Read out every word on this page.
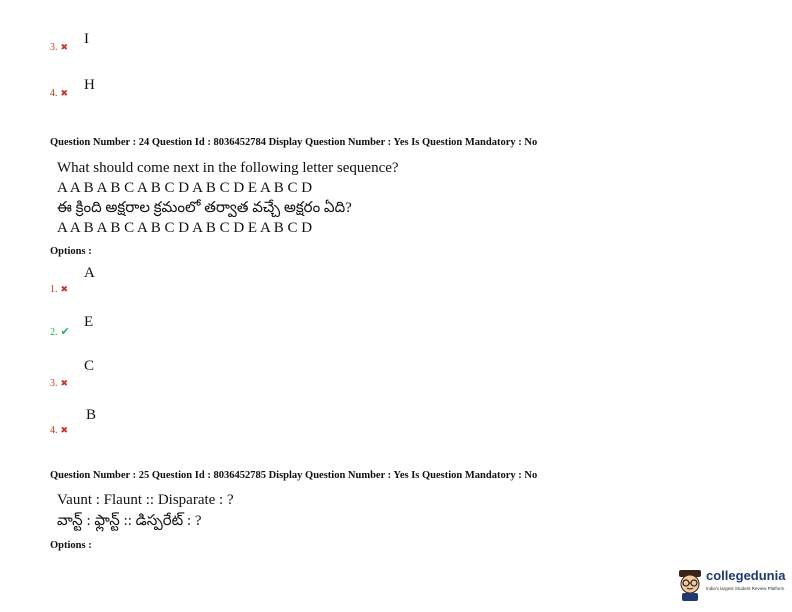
3. ✖ I
4. ✖ H
Question Number : 24 Question Id : 8036452784 Display Question Number : Yes Is Question Mandatory : No
What should come next in the following letter sequence?
A A B A B C A B C D A B C D E A B C D
ఈ క్రింది అక్షరాల క్రమంలో తర్వాత వచ్చే అక్షరం ఏది?
A A B A B C A B C D A B C D E A B C D
Options :
1. ✖
A
2. ✔
E
3. ✖
C
4. ✖
B
Question Number : 25 Question Id : 8036452785 Display Question Number : Yes Is Question Mandatory : No
Vaunt : Flaunt :: Disparate : ?
వాన్ట్ : ఫ్లాన్ట్ :: డిస్పరేట్ : ?
Options :
collegedunia
India's largest Student Review Platform
